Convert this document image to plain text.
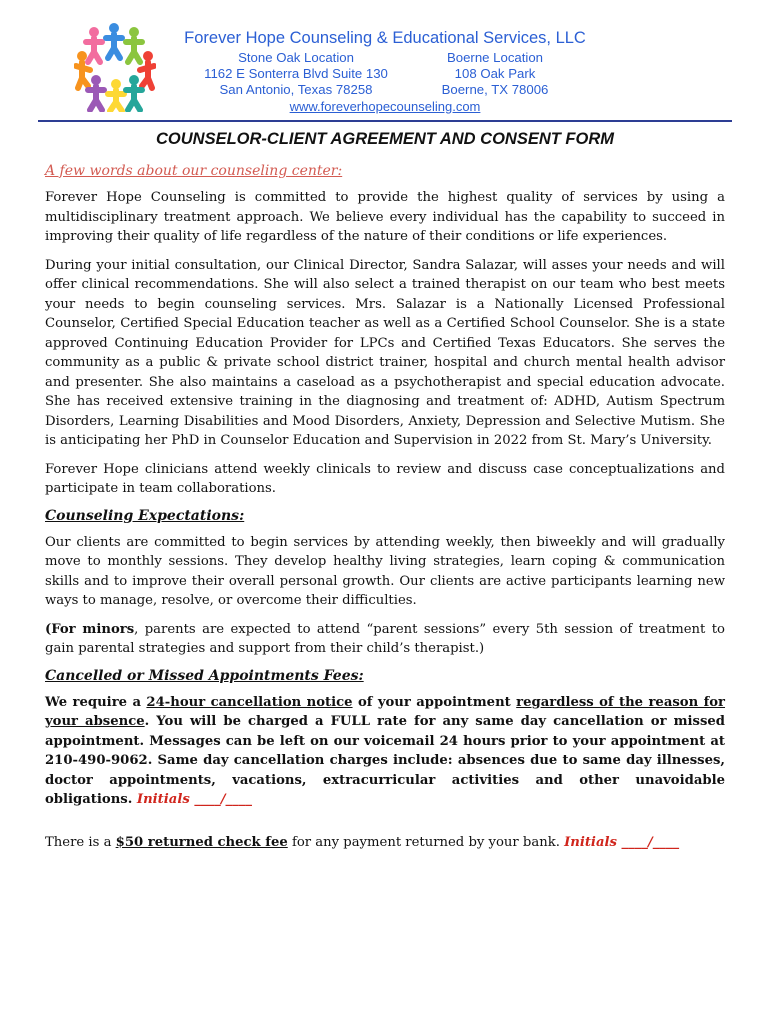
Forever Hope Counseling & Educational Services, LLC
Stone Oak Location
1162 E Sonterra Blvd Suite 130
San Antonio, Texas 78258
Boerne Location
108 Oak Park
Boerne, TX 78006
www.foreverhopecounseling.com
COUNSELOR-CLIENT AGREEMENT AND CONSENT FORM
A few words about our counseling center:

Forever Hope Counseling is committed to provide the highest quality of services by using a multidisciplinary treatment approach. We believe every individual has the capability to succeed in improving their quality of life regardless of the nature of their conditions or life experiences.

During your initial consultation, our Clinical Director, Sandra Salazar, will asses your needs and will offer clinical recommendations. She will also select a trained therapist on our team who best meets your needs to begin counseling services. Mrs. Salazar is a Nationally Licensed Professional Counselor, Certified Special Education teacher as well as a Certified School Counselor. She is a state approved Continuing Education Provider for LPCs and Certified Texas Educators. She serves the community as a public & private school district trainer, hospital and church mental health advisor and presenter. She also maintains a caseload as a psychotherapist and special education advocate. She has received extensive training in the diagnosing and treatment of: ADHD, Autism Spectrum Disorders, Learning Disabilities and Mood Disorders, Anxiety, Depression and Selective Mutism. She is anticipating her PhD in Counselor Education and Supervision in 2022 from St. Mary’s University.

Forever Hope clinicians attend weekly clinicals to review and discuss case conceptualizations and participate in team collaborations.

Counseling Expectations:

Our clients are committed to begin services by attending weekly, then biweekly and will gradually move to monthly sessions. They develop healthy living strategies, learn coping & communication skills and to improve their overall personal growth. Our clients are active participants learning new ways to manage, resolve, or overcome their difficulties.

(For minors, parents are expected to attend “parent sessions” every 5th session of treatment to gain parental strategies and support from their child’s therapist.)

Cancelled or Missed Appointments Fees:

We require a 24-hour cancellation notice of your appointment regardless of the reason for your absence. You will be charged a FULL rate for any same day cancellation or missed appointment. Messages can be left on our voicemail 24 hours prior to your appointment at 210-490-9062. Same day cancellation charges include: absences due to same day illnesses, doctor appointments, vacations, extracurricular activities and other unavoidable obligations. Initials ____/____

There is a $50 returned check fee for any payment returned by your bank. Initials ____/____
